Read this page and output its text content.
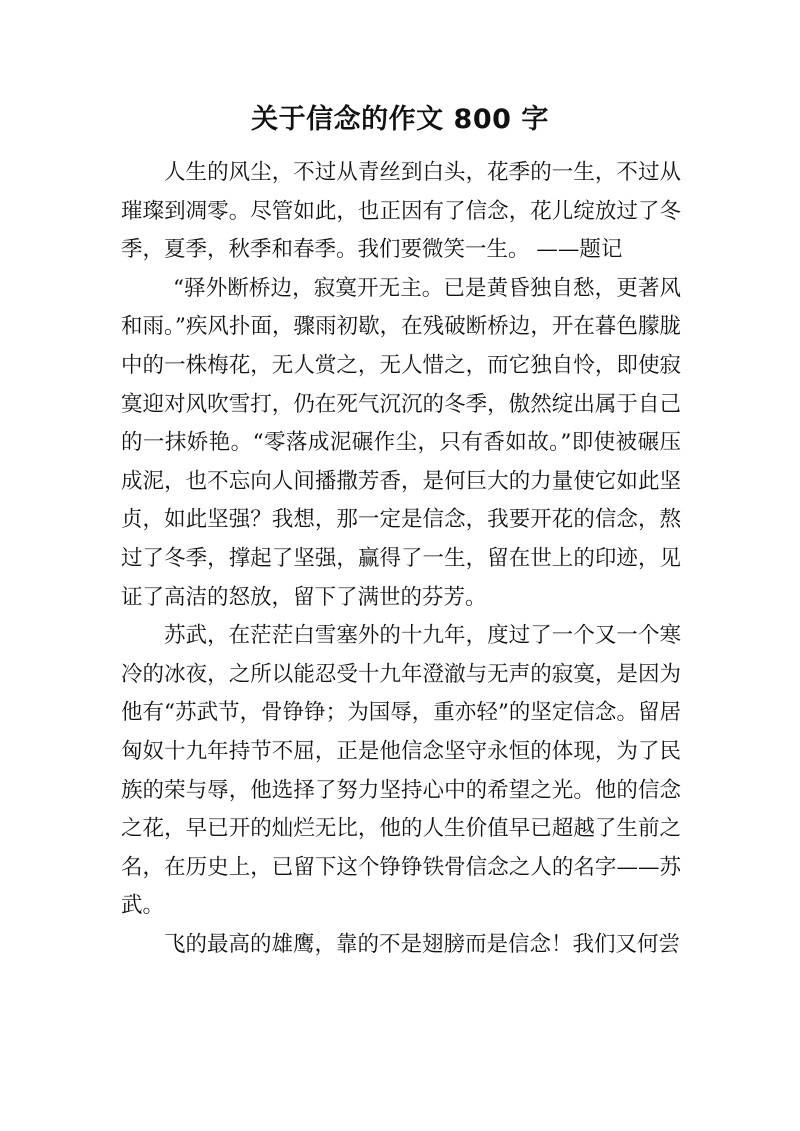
关于信念的作文 800 字

人生的风尘，不过从青丝到白头，花季的一生，不过从璀璨到凋零。尽管如此，也正因有了信念，花儿绽放过了冬季，夏季，秋季和春季。我们要微笑一生。 ——题记

“驿外断桥边，寂寞开无主。已是黄昏独自愁，更著风和雨。”疾风扑面，骤雨初歇，在残破断桥边，开在暮色朦胧中的一株梅花，无人赏之，无人惜之，而它独自怜，即使寂寞迎对风吹雪打，仍在死气沉沉的冬季，傲然绽出属于自己的一抹娇艳。“零落成泥碾作尘，只有香如故。”即使被碾压成泥，也不忘向人间播撒芳香，是何巨大的力量使它如此坚贞，如此坚强？我想，那一定是信念，我要开花的信念，熬过了冬季，撑起了坚强，赢得了一生，留在世上的印迹，见证了高洁的怒放，留下了满世的芬芳。

苏武，在茫茫白雪塞外的十九年，度过了一个又一个寒冷的冰夜，之所以能忍受十九年澄澈与无声的寂寞，是因为他有“苏武节，骨铮铮；为国辱，重亦轻”的坚定信念。留居匈奴十九年持节不屈，正是他信念坚守永恒的体现，为了民族的荣与辱，他选择了努力坚持心中的希望之光。他的信念之花，早已开的灿烂无比，他的人生价值早已超越了生前之名，在历史上，已留下这个铮铮铁骨信念之人的名字——苏武。

飞的最高的雄鹰，靠的不是翅膀而是信念！我们又何尝
